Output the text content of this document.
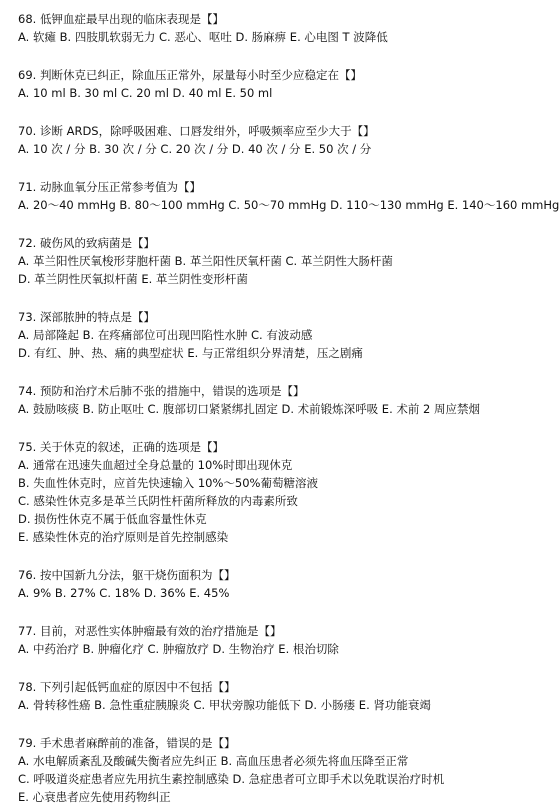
68. 低钾血症最早出现的临床表现是【】
A. 软瘫 B. 四肢肌软弱无力 C. 恶心、呕吐 D. 肠麻痹 E. 心电图 T 波降低
69. 判断休克已纠正，除血压正常外，尿量每小时至少应稳定在【】
A. 10 ml B. 30 ml C. 20 ml D. 40 ml E. 50 ml
70. 诊断 ARDS，除呼吸困难、口唇发绀外，呼吸频率应至少大于【】
A. 10 次 / 分 B. 30 次 / 分 C. 20 次 / 分 D. 40 次 / 分 E. 50 次 / 分
71. 动脉血氧分压正常参考值为【】
A. 20～40 mmHg B. 80～100 mmHg C. 50～70 mmHg D. 110～130 mmHg E. 140～160 mmHg
72. 破伤风的致病菌是【】
A. 革兰阳性厌氧梭形芽胞杆菌 B. 革兰阳性厌氧杆菌 C. 革兰阴性大肠杆菌
D. 革兰阴性厌氧拟杆菌 E. 革兰阴性变形杆菌
73. 深部脓肿的特点是【】
A. 局部隆起 B. 在疼痛部位可出现凹陷性水肿 C. 有波动感
D. 有红、肿、热、痛的典型症状 E. 与正常组织分界清楚，压之剧痛
74. 预防和治疗术后肺不张的措施中，错误的选项是【】
A. 鼓励咳痰 B. 防止呕吐 C. 腹部切口紧紧绑扎固定 D. 术前锻炼深呼吸 E. 术前 2 周应禁烟
75. 关于休克的叙述，正确的选项是【】
A. 通常在迅速失血超过全身总量的 10%时即出现休克
B. 失血性休克时，应首先快速输入 10%～50%葡萄糖溶液
C. 感染性休克多是革兰氏阴性杆菌所释放的内毒素所致
D. 损伤性休克不属于低血容量性休克
E. 感染性休克的治疗原则是首先控制感染
76. 按中国新九分法，躯干烧伤面积为【】
A. 9% B. 27% C. 18% D. 36% E. 45%
77. 目前，对恶性实体肿瘤最有效的治疗措施是【】
A. 中药治疗 B. 肿瘤化疗 C. 肿瘤放疗 D. 生物治疗 E. 根治切除
78. 下列引起低钙血症的原因中不包括【】
A. 骨转移性癌 B. 急性重症胰腺炎 C. 甲状旁腺功能低下 D. 小肠瘘 E. 肾功能衰竭
79. 手术患者麻醉前的准备，错误的是【】
A. 水电解质紊乱及酸碱失衡者应先纠正 B. 高血压患者必须先将血压降至正常
C. 呼吸道炎症患者应先用抗生素控制感染 D. 急症患者可立即手术以免耽误治疗时机
E. 心衰患者应先使用药物纠正
